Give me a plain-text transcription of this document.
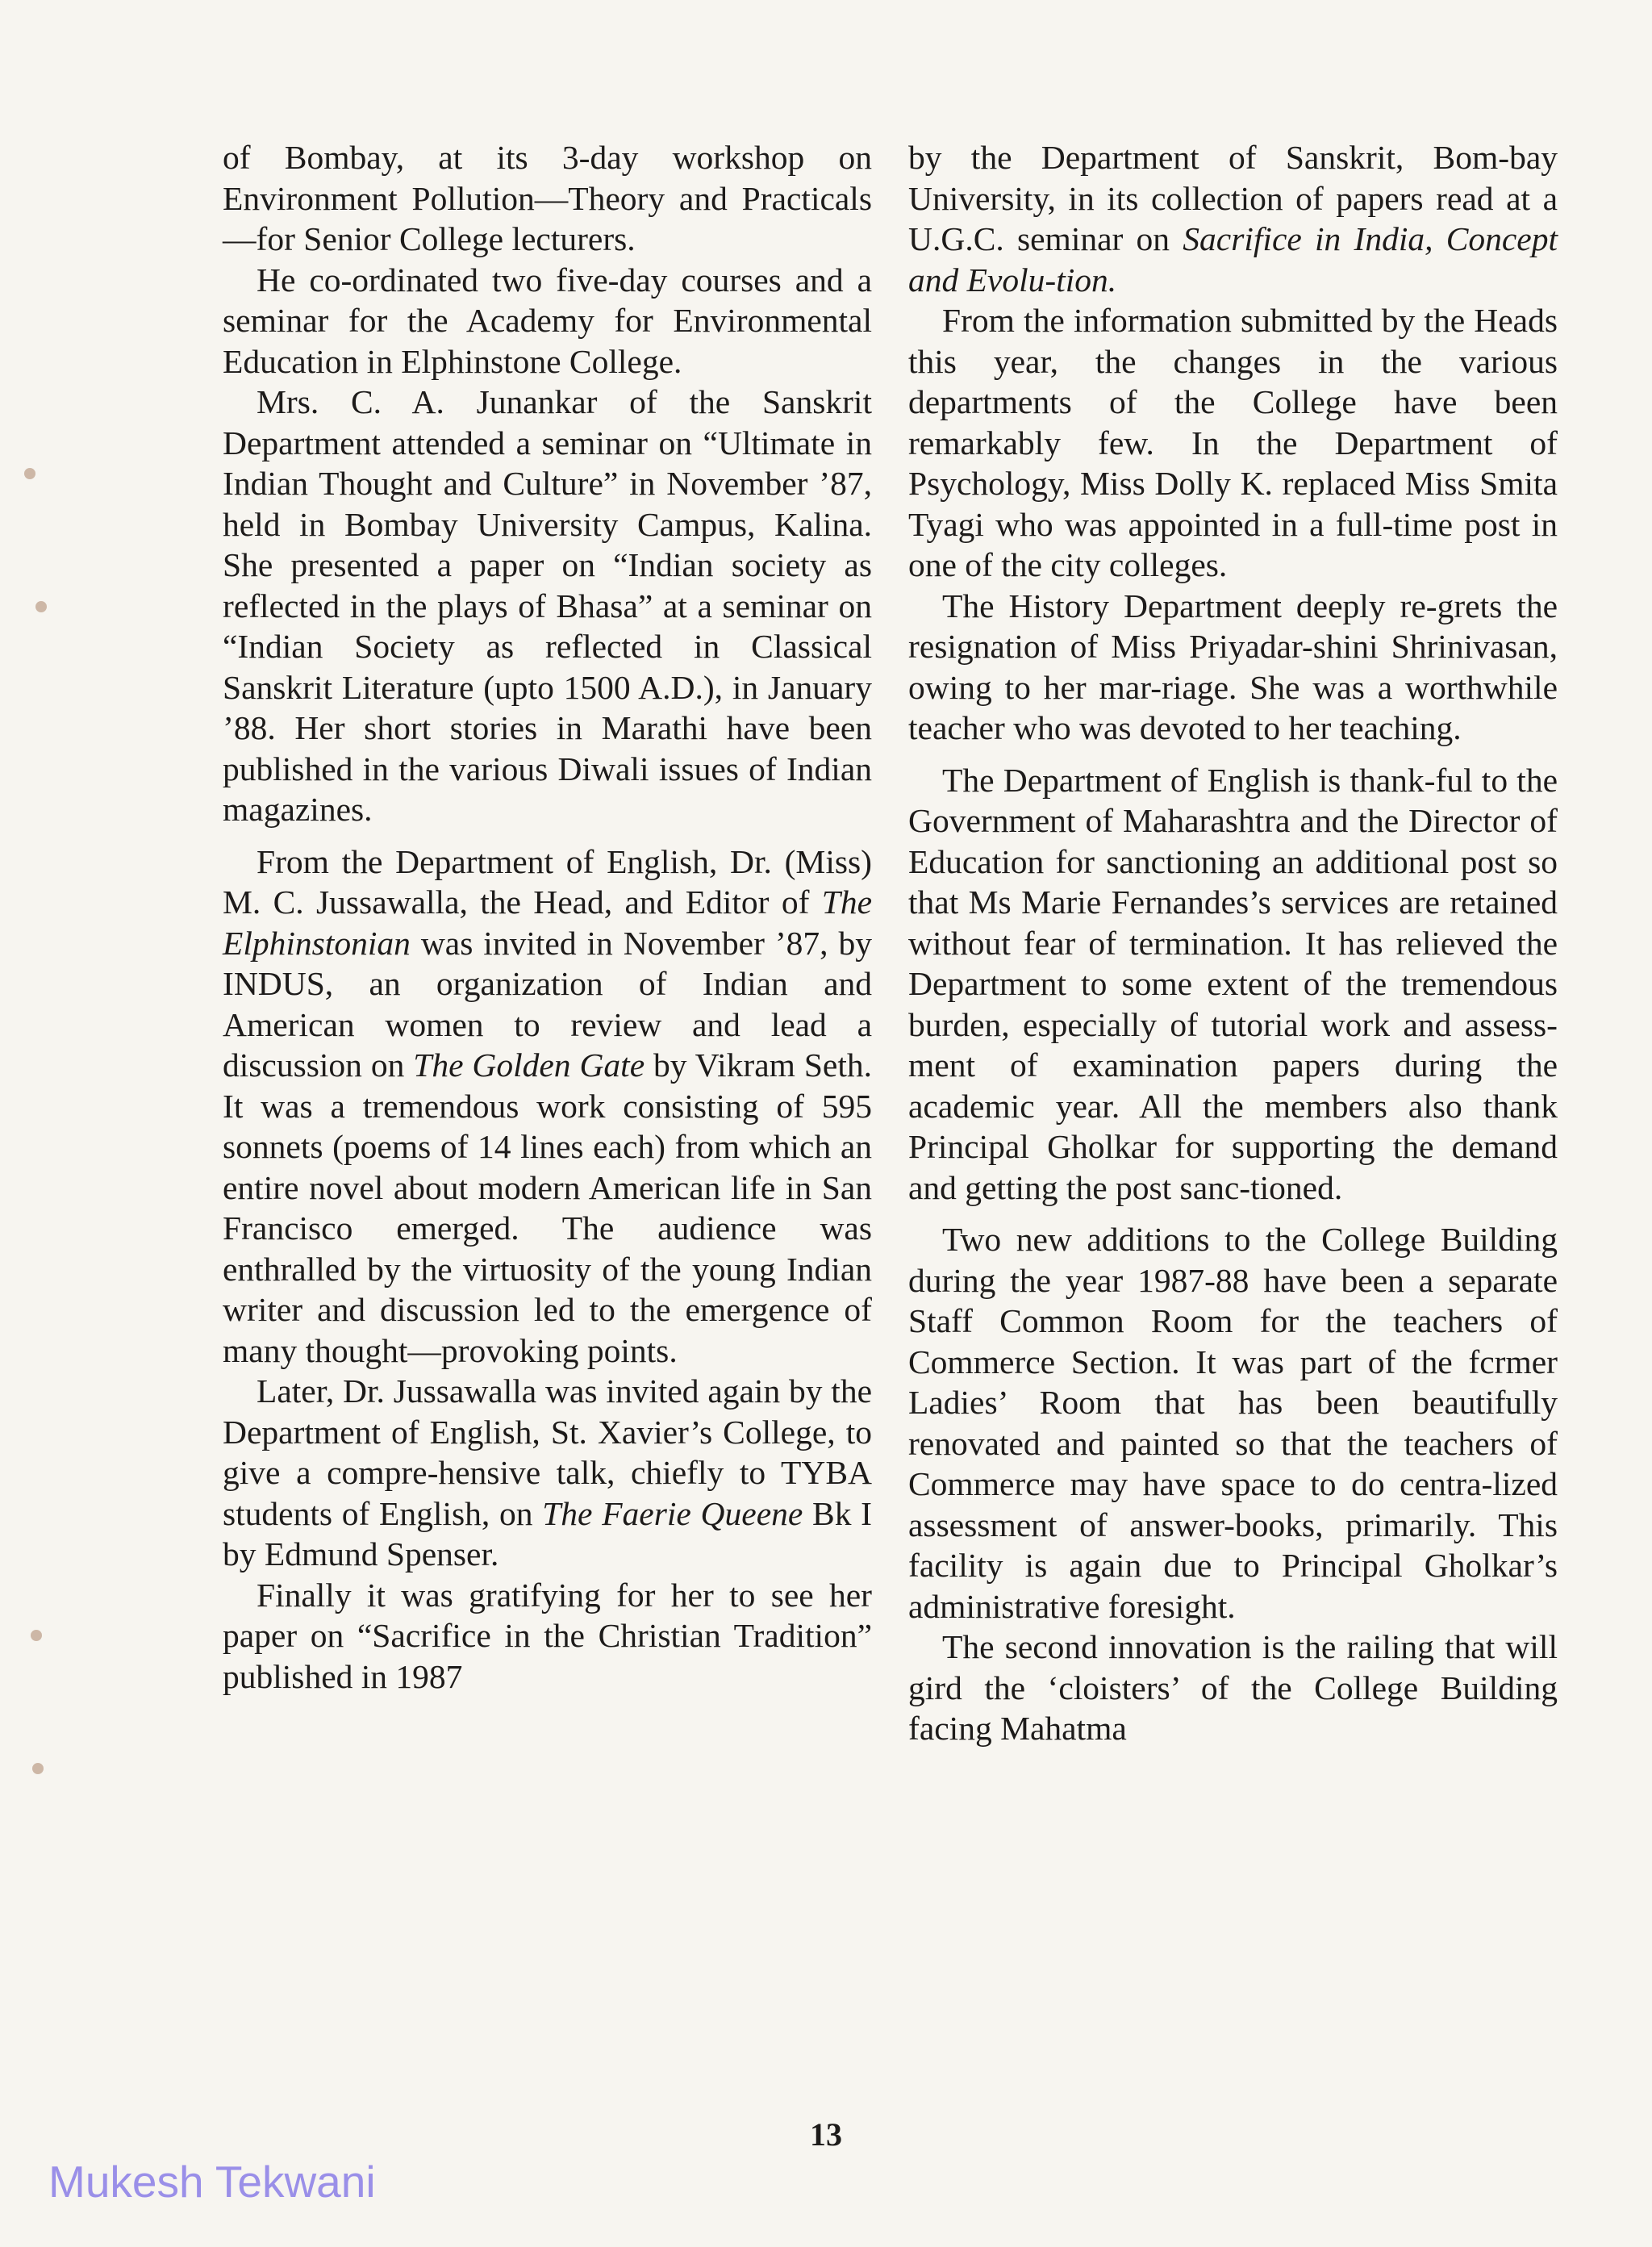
of Bombay, at its 3-day workshop on Environment Pollution—Theory and Practicals—for Senior College lecturers.

He co-ordinated two five-day courses and a seminar for the Academy for Environmental Education in Elphinstone College.

Mrs. C. A. Junankar of the Sanskrit Department attended a seminar on “Ultimate in Indian Thought and Culture” in November ’87, held in Bombay University Campus, Kalina. She presented a paper on “Indian society as reflected in the plays of Bhasa” at a seminar on “Indian Society as reflected in Classical Sanskrit Literature (upto 1500 A.D.), in January ’88. Her short stories in Marathi have been published in the various Diwali issues of Indian magazines.

From the Department of English, Dr. (Miss) M. C. Jussawalla, the Head, and Editor of The Elphinstonian was invited in November ’87, by INDUS, an organization of Indian and American women to review and lead a discussion on The Golden Gate by Vikram Seth. It was a tremendous work consisting of 595 sonnets (poems of 14 lines each) from which an entire novel about modern American life in San Francisco emerged. The audience was enthralled by the virtuosity of the young Indian writer and discussion led to the emergence of many thought—provoking points.

Later, Dr. Jussawalla was invited again by the Department of English, St. Xavier’s College, to give a compre-hensive talk, chiefly to TYBA students of English, on The Faerie Queene Bk I by Edmund Spenser.

Finally it was gratifying for her to see her paper on “Sacrifice in the Christian Tradition” published in 1987

by the Department of Sanskrit, Bom-bay University, in its collection of papers read at a U.G.C. seminar on Sacrifice in India, Concept and Evolu-tion.

From the information submitted by the Heads this year, the changes in the various departments of the College have been remarkably few. In the Department of Psychology, Miss Dolly K. replaced Miss Smita Tyagi who was appointed in a full-time post in one of the city colleges.

The History Department deeply re-grets the resignation of Miss Priyadar-shini Shrinivasan, owing to her mar-riage. She was a worthwhile teacher who was devoted to her teaching.

The Department of English is thank-ful to the Government of Maharashtra and the Director of Education for sanctioning an additional post so that Ms Marie Fernandes’s services are retained without fear of termination. It has relieved the Department to some extent of the tremendous burden, especially of tutorial work and assess-ment of examination papers during the academic year. All the members also thank Principal Gholkar for supporting the demand and getting the post sanc-tioned.

Two new additions to the College Building during the year 1987-88 have been a separate Staff Common Room for the teachers of Commerce Section. It was part of the fcrmer Ladies’ Room that has been beautifully renovated and painted so that the teachers of Commerce may have space to do centra-lized assessment of answer-books, primarily. This facility is again due to Principal Gholkar’s administrative foresight.

The second innovation is the railing that will gird the ‘cloisters’ of the College Building facing Mahatma

13
Mukesh Tekwani
